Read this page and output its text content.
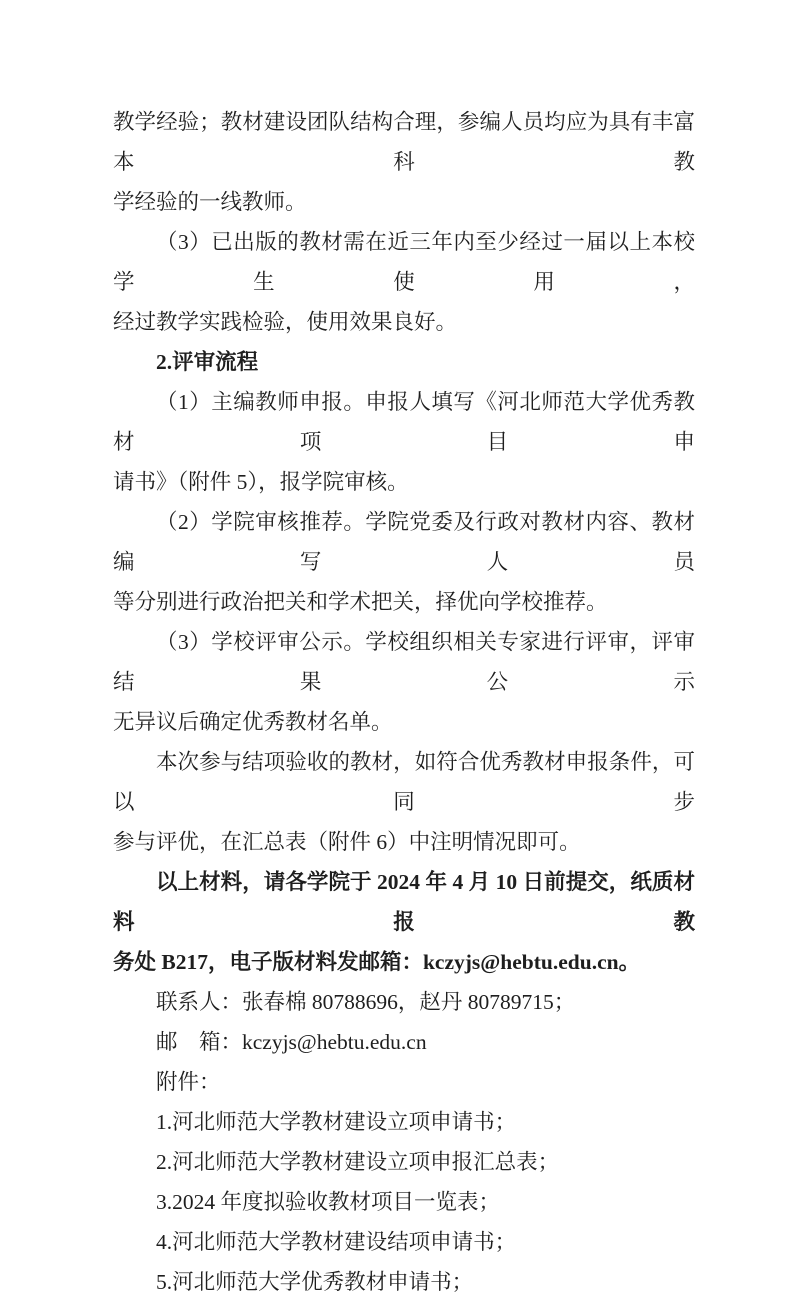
教学经验；教材建设团队结构合理，参编人员均应为具有丰富本科教
学经验的一线教师。

（3）已出版的教材需在近三年内至少经过一届以上本校学生使用，
经过教学实践检验，使用效果良好。

2.评审流程

（1）主编教师申报。申报人填写《河北师范大学优秀教材项目申
请书》（附件 5），报学院审核。

（2）学院审核推荐。学院党委及行政对教材内容、教材编写人员
等分别进行政治把关和学术把关，择优向学校推荐。

（3）学校评审公示。学校组织相关专家进行评审，评审结果公示
无异议后确定优秀教材名单。

本次参与结项验收的教材，如符合优秀教材申报条件，可以同步
参与评优，在汇总表（附件 6）中注明情况即可。

以上材料，请各学院于 2024 年 4 月 10 日前提交，纸质材料报教
务处 B217，电子版材料发邮箱：kczyjs@hebtu.edu.cn。

联系人：张春棉 80788696，赵丹 80789715；

邮　箱：kczyjs@hebtu.edu.cn

附件：

1.河北师范大学教材建设立项申请书；

2.河北师范大学教材建设立项申报汇总表；

3.2024 年度拟验收教材项目一览表；

4.河北师范大学教材建设结项申请书；

5.河北师范大学优秀教材申请书；
